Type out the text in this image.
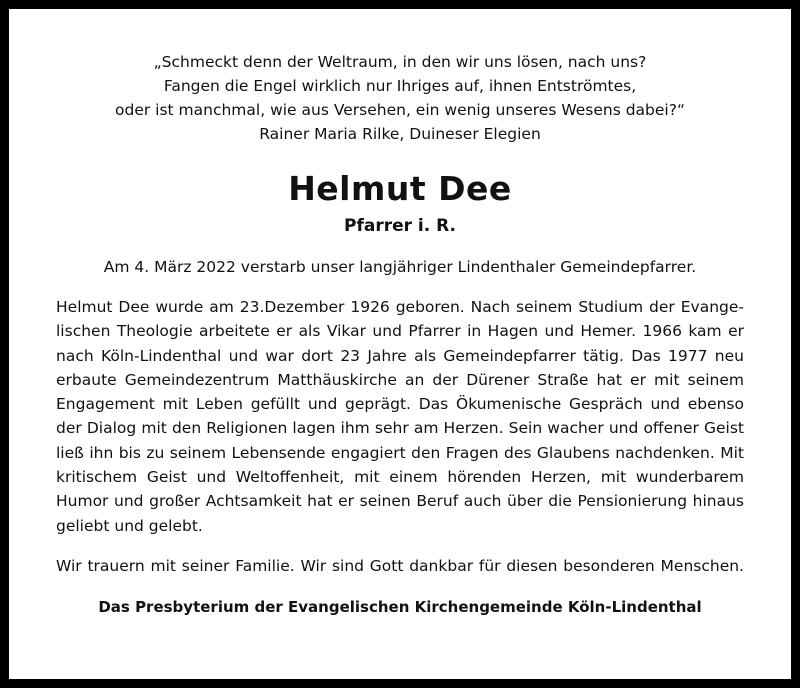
„Schmeckt denn der Weltraum, in den wir uns lösen, nach uns?
Fangen die Engel wirklich nur Ihriges auf, ihnen Entströmtes,
oder ist manchmal, wie aus Versehen, ein wenig unseres Wesens dabei?“
Rainer Maria Rilke, Duineser Elegien
Helmut Dee
Pfarrer i. R.
Am 4. März 2022 verstarb unser langjähriger Lindenthaler Gemeindepfarrer.
Helmut Dee wurde am 23.Dezember 1926 geboren. Nach seinem Studium der Evange-
lischen Theologie arbeitete er als Vikar und Pfarrer in Hagen und Hemer. 1966 kam er
nach Köln-Lindenthal und war dort 23 Jahre als Gemeindepfarrer tätig. Das 1977 neu
erbaute Gemeindezentrum Matthäuskirche an der Dürener Straße hat er mit seinem
Engagement mit Leben gefüllt und geprägt. Das Ökumenische Gespräch und ebenso
der Dialog mit den Religionen lagen ihm sehr am Herzen. Sein wacher und offener Geist
ließ ihn bis zu seinem Lebensende engagiert den Fragen des Glaubens nachdenken. Mit
kritischem Geist und Weltoffenheit, mit einem hörenden Herzen, mit wunderbarem
Humor und großer Achtsamkeit hat er seinen Beruf auch über die Pensionierung hinaus
geliebt und gelebt.
Wir trauern mit seiner Familie. Wir sind Gott dankbar für diesen besonderen Menschen.
Das Presbyterium der Evangelischen Kirchengemeinde Köln-Lindenthal
